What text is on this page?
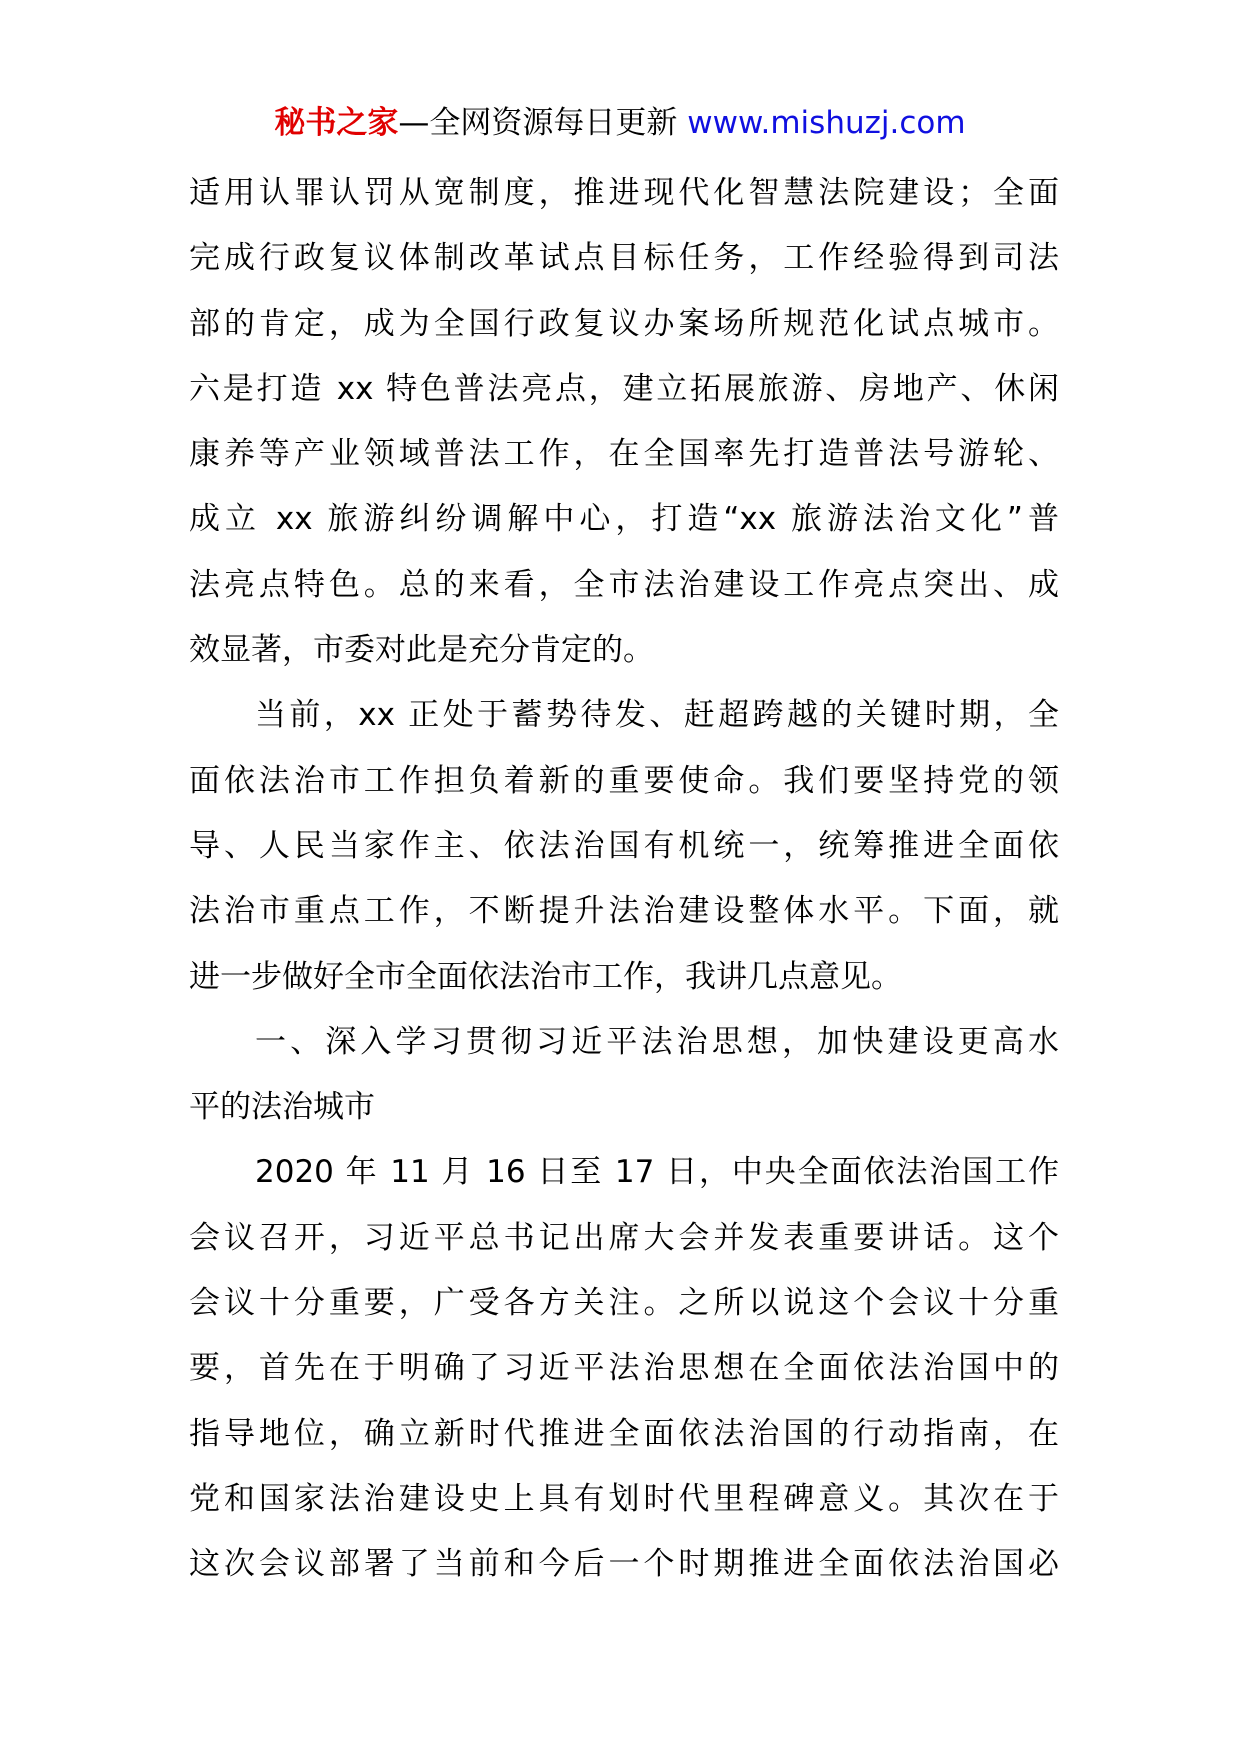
秘书之家—全网资源每日更新 www.mishuzj.com
适用认罪认罚从宽制度，推进现代化智慧法院建设；全面
完成行政复议体制改革试点目标任务，工作经验得到司法
部的肯定，成为全国行政复议办案场所规范化试点城市。
六是打造 xx 特色普法亮点，建立拓展旅游、房地产、休闲
康养等产业领域普法工作，在全国率先打造普法号游轮、
成立 xx 旅游纠纷调解中心，打造“xx 旅游法治文化”普
法亮点特色。总的来看，全市法治建设工作亮点突出、成
效显著，市委对此是充分肯定的。
当前，xx 正处于蓄势待发、赶超跨越的关键时期，全
面依法治市工作担负着新的重要使命。我们要坚持党的领
导、人民当家作主、依法治国有机统一，统筹推进全面依
法治市重点工作，不断提升法治建设整体水平。下面，就
进一步做好全市全面依法治市工作，我讲几点意见。
一、深入学习贯彻习近平法治思想，加快建设更高水
平的法治城市
2020 年 11 月 16 日至 17 日，中央全面依法治国工作
会议召开，习近平总书记出席大会并发表重要讲话。这个
会议十分重要，广受各方关注。之所以说这个会议十分重
要，首先在于明确了习近平法治思想在全面依法治国中的
指导地位，确立新时代推进全面依法治国的行动指南，在
党和国家法治建设史上具有划时代里程碑意义。其次在于
这次会议部署了当前和今后一个时期推进全面依法治国必
